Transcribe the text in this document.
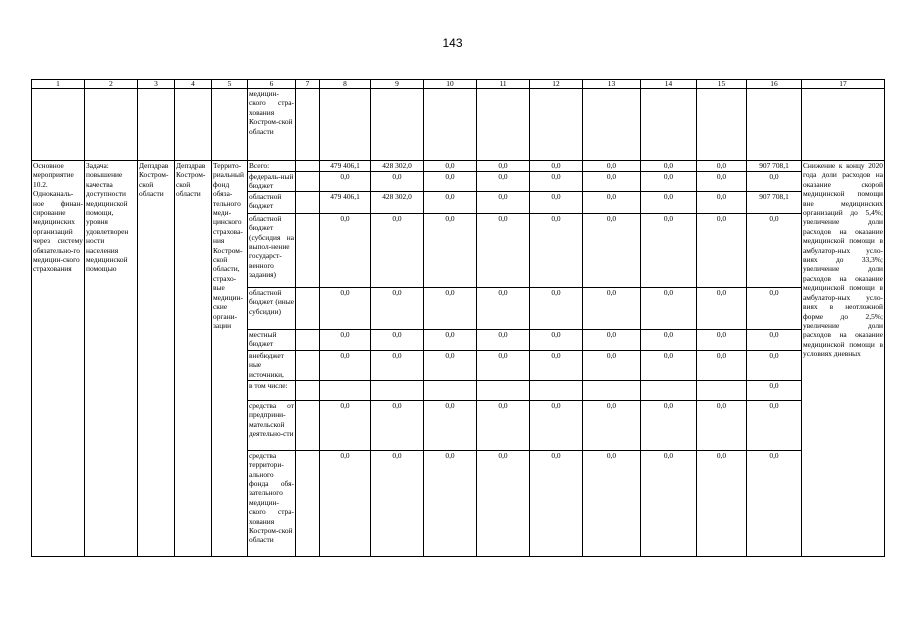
143
1	2	3	4	5	6	7	8	9	10	11	12	13	14	15	16	17
					медицин-ского стра-хования Костром-ской области											
Основное мероприятие 10.2. Одноканаль-ное финан-сирование медицинских организаций через систему обязательно-го медицин-ского страхования	Задача: повышение качества доступности медицинской помощи, уровня удовлетворен ности населения медицинской помощью	Депздрав Костром-ской области	Депздрав Костром-ской области	Террито-риальный фонд обяза-тельного меди-цинского страхова-ния Костром-ской области, страхо-вые медицин-ские органи-зации	Всего:		479 406,1	428 302,0	0,0	0,0	0,0	0,0	0,0	0,0	907 708,1	Снижение к концу 2020 года доли расходов на оказание скорой медицинской помощи вне медицинских организаций до 5,4%; увеличение доли расходов на оказание медицинской помощи в амбулатор-ных усло-виях до 33,3%; увеличение доли расходов на оказание медицинской помощи в амбулатор-ных усло-виях в неотложной форме до 2,5%; увеличение доли расходов на оказание медицинской помощи в условиях дневных
					федераль-ный бюджет		0,0	0,0	0,0	0,0	0,0	0,0	0,0	0,0	0,0	
					областной бюджет		479 406,1	428 302,0	0,0	0,0	0,0	0,0	0,0	0,0	907 708,1	
					областной бюджет (субсидия на выпол-нение государст-венного задания)		0,0	0,0	0,0	0,0	0,0	0,0	0,0	0,0	0,0	
					областной бюджет (иные субсидии)		0,0	0,0	0,0	0,0	0,0	0,0	0,0	0,0	0,0	
					местный бюджет		0,0	0,0	0,0	0,0	0,0	0,0	0,0	0,0	0,0	
					внебюджет ные источники,		0,0	0,0	0,0	0,0	0,0	0,0	0,0	0,0	0,0	
					в том числе:										0,0	
					средства от предприни-мательской деятельно-сти		0,0	0,0	0,0	0,0	0,0	0,0	0,0	0,0	0,0	
					средства территори-ального фонда обя-зательного медицин-ского стра-хования Костром-ской области		0,0	0,0	0,0	0,0	0,0	0,0	0,0	0,0	0,0	
